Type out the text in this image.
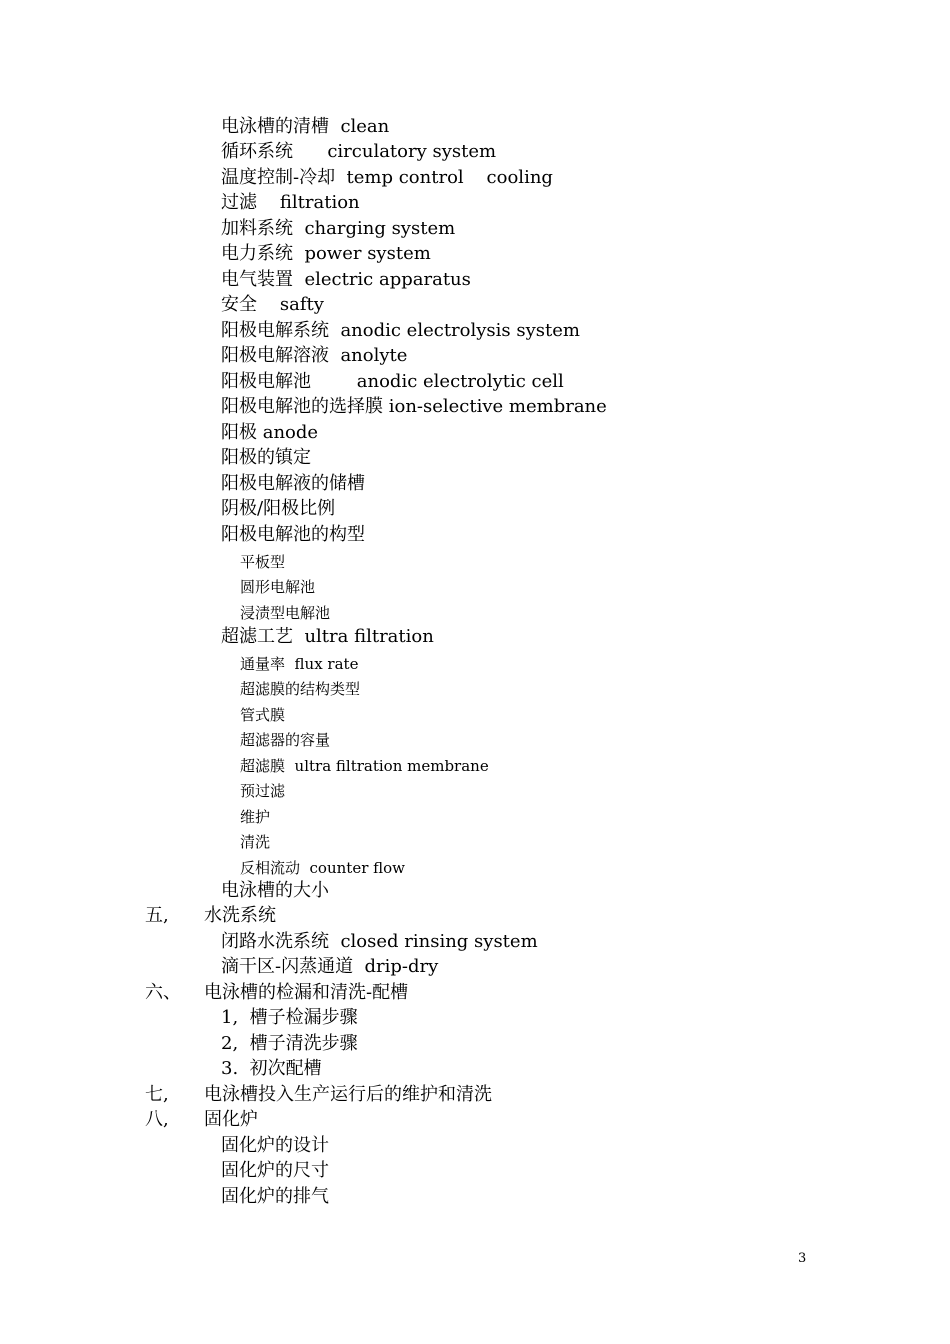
电泳槽的清槽  clean
循环系统      circulatory system
温度控制-冷却  temp control    cooling
过滤    filtration
加料系统  charging system
电力系统  power system
电气装置  electric apparatus
安全    safty
阳极电解系统  anodic electrolysis system
阳极电解溶液  anolyte
阳极电解池        anodic electrolytic cell
阳极电解池的选择膜 ion-selective membrane
阳极 anode
阳极的镇定
阳极电解液的储槽
阴极/阳极比例
阳极电解池的构型
平板型
圆形电解池
浸渍型电解池
超滤工艺  ultra filtration
通量率  flux rate
超滤膜的结构类型
管式膜
超滤器的容量
超滤膜  ultra filtration membrane
预过滤
维护
清洗
反相流动  counter flow
电泳槽的大小
五, 水洗系统
闭路水洗系统  closed rinsing system
滴干区-闪蒸通道  drip-dry
六、 电泳槽的检漏和清洗-配槽
1,  槽子检漏步骤
2,  槽子清洗步骤
3.  初次配槽
七, 电泳槽投入生产运行后的维护和清洗
八, 固化炉
固化炉的设计
固化炉的尺寸
固化炉的排气
3
